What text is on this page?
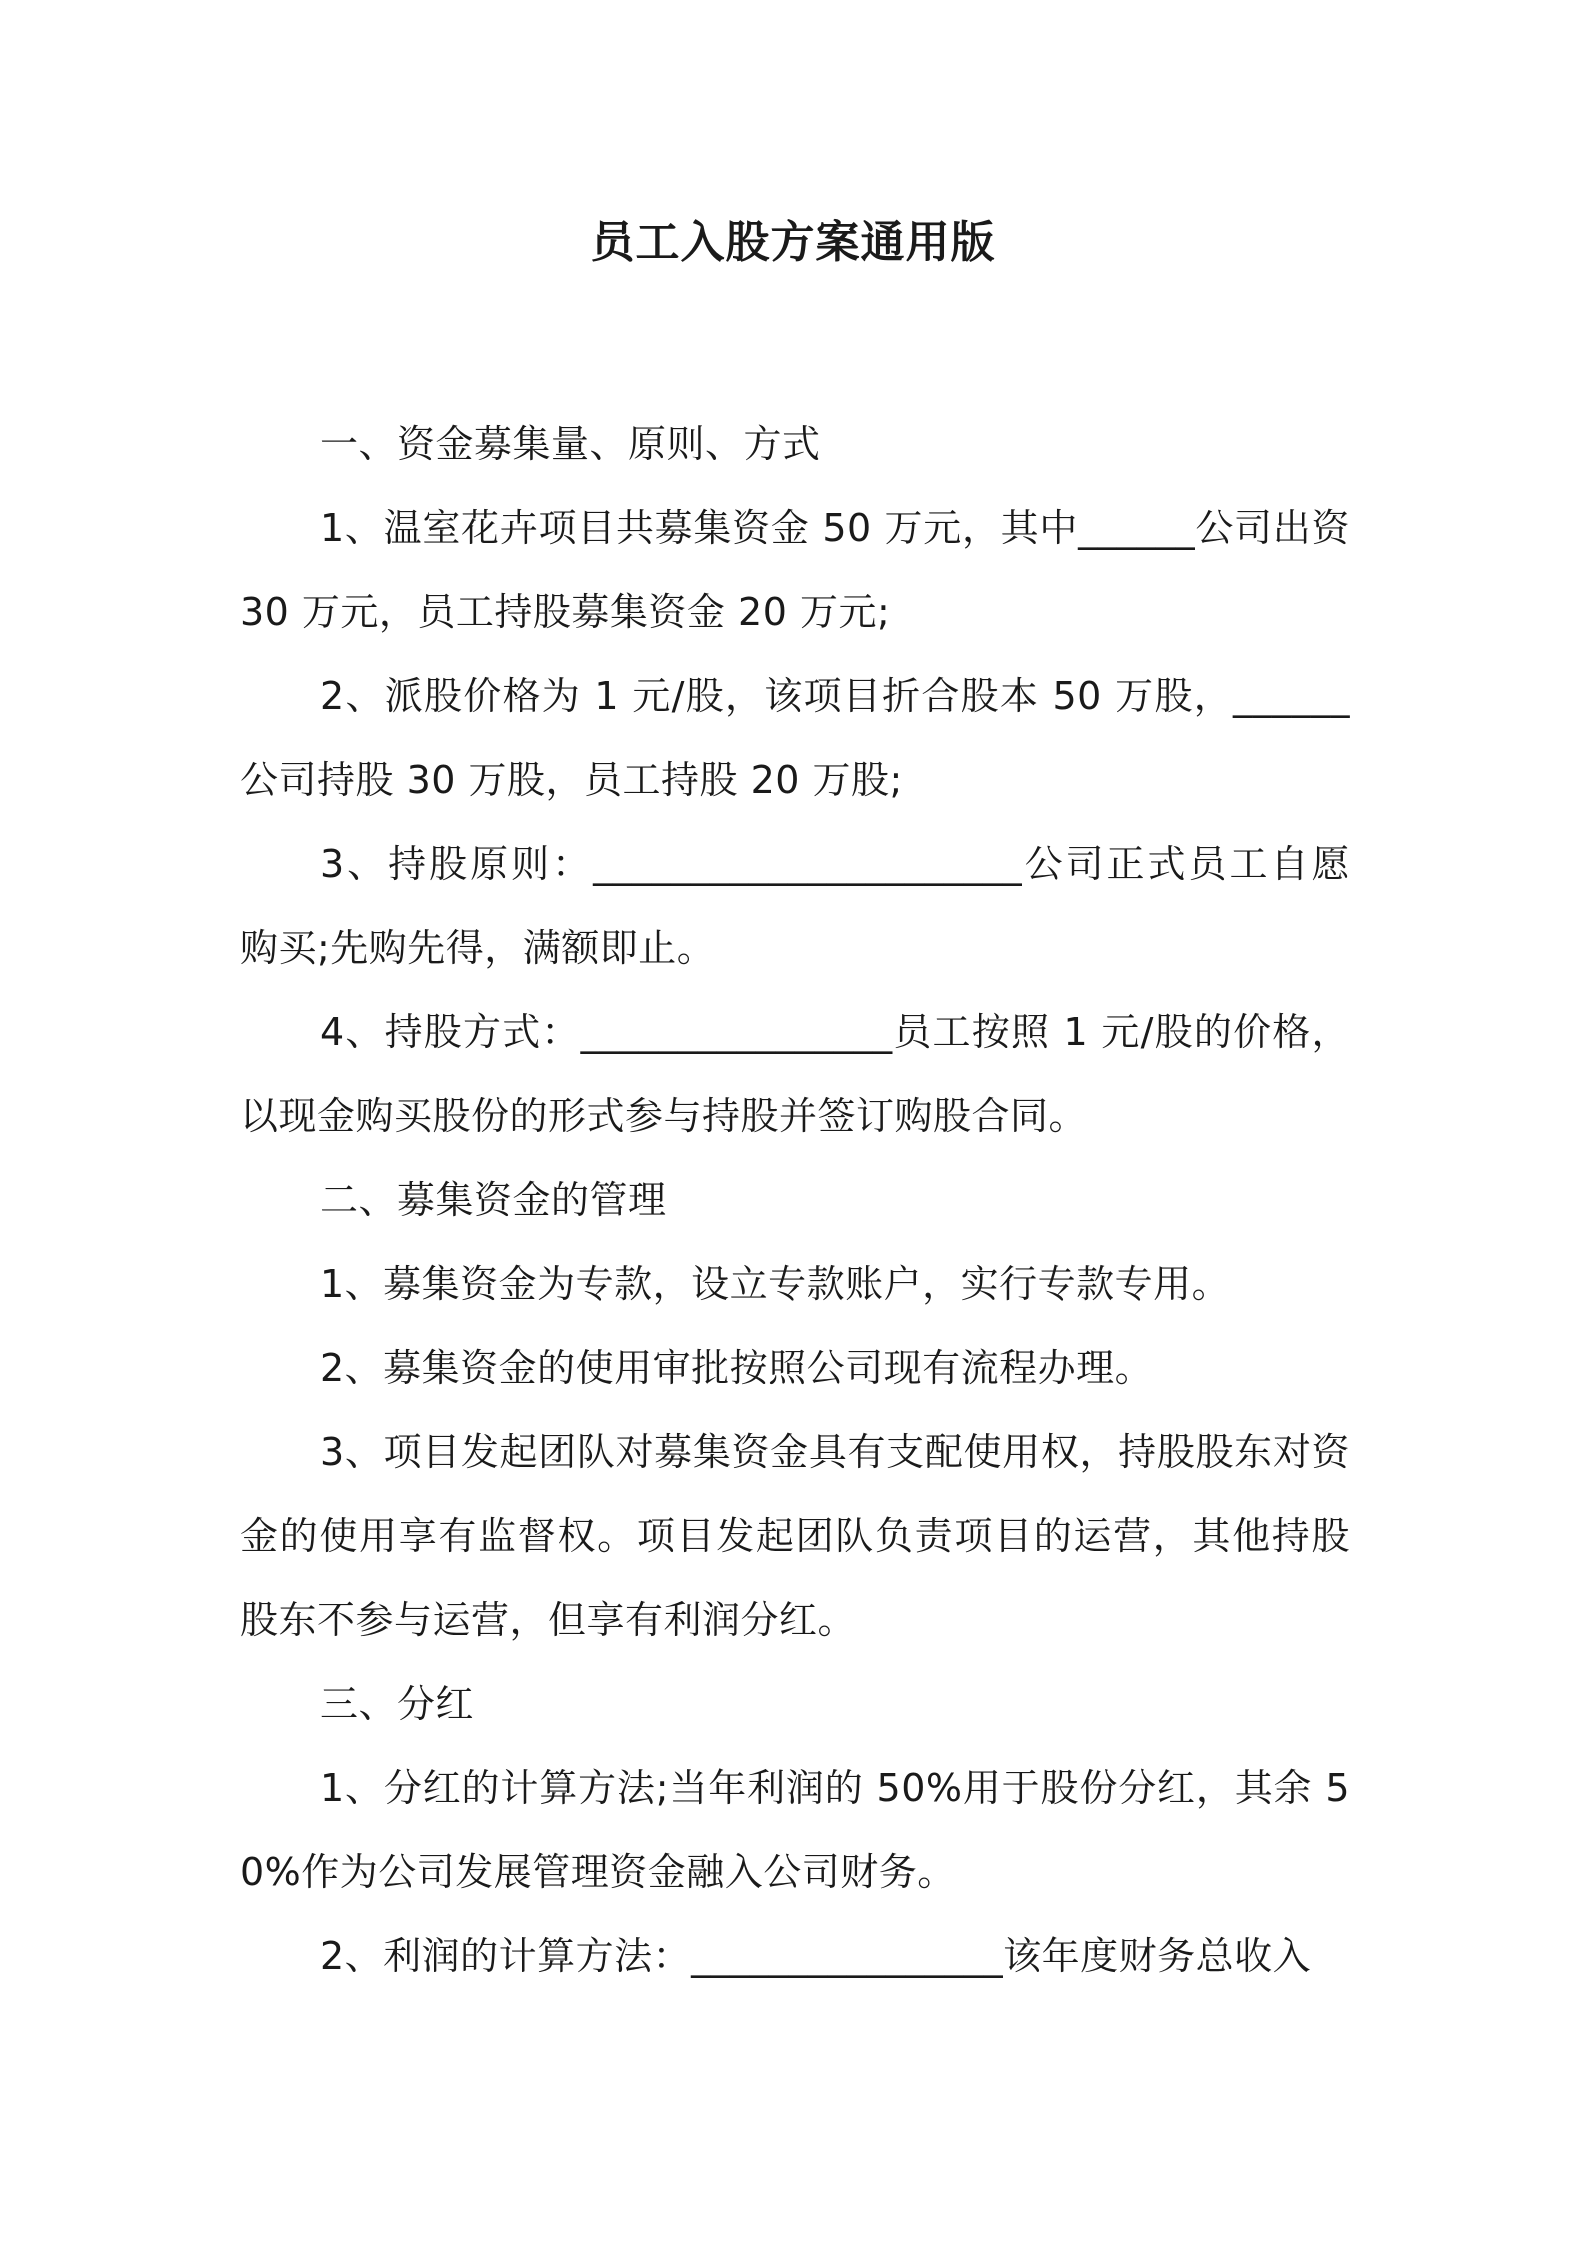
员工入股方案通用版

一、资金募集量、原则、方式

1、温室花卉项目共募集资金 50 万元，其中______公司出资 30 万元，员工持股募集资金 20 万元;

2、派股价格为 1 元/股，该项目折合股本 50 万股，______公司持股 30 万股，员工持股 20 万股;

3、持股原则：______________________公司正式员工自愿购买;先购先得，满额即止。

4、持股方式：________________员工按照 1 元/股的价格，以现金购买股份的形式参与持股并签订购股合同。

二、募集资金的管理

1、募集资金为专款，设立专款账户，实行专款专用。

2、募集资金的使用审批按照公司现有流程办理。

3、项目发起团队对募集资金具有支配使用权，持股股东对资金的使用享有监督权。项目发起团队负责项目的运营，其他持股股东不参与运营，但享有利润分红。

三、分红

1、分红的计算方法;当年利润的 50%用于股份分红，其余 50%作为公司发展管理资金融入公司财务。

2、利润的计算方法：________________该年度财务总收入
